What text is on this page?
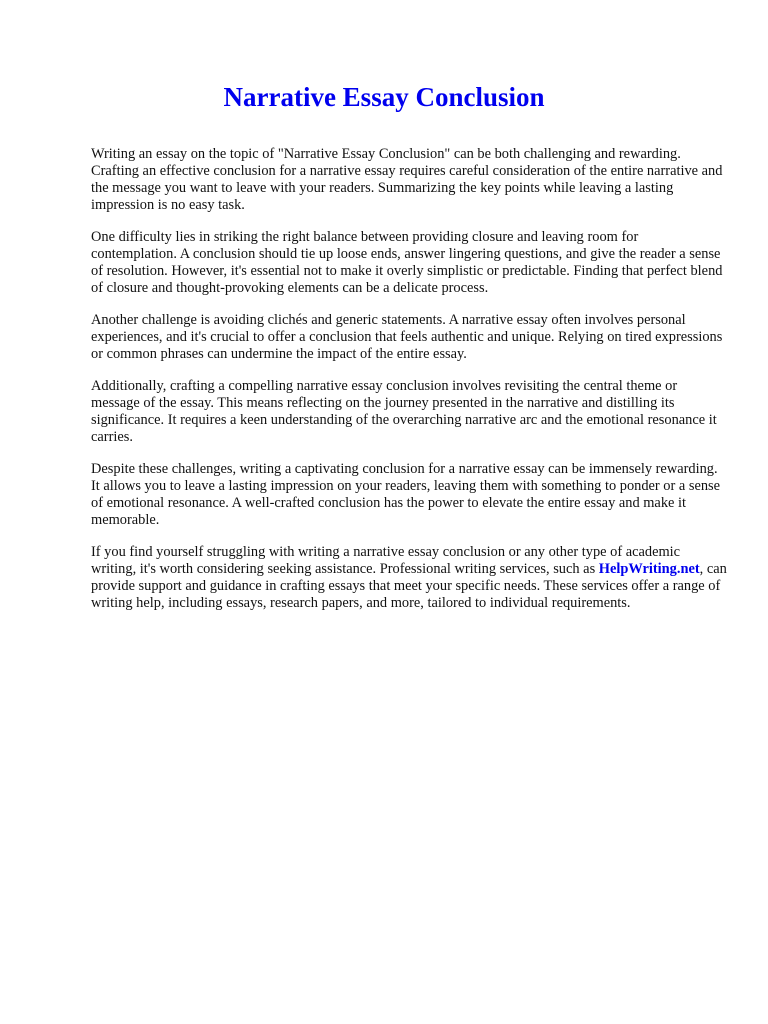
Narrative Essay Conclusion

Writing an essay on the topic of "Narrative Essay Conclusion" can be both challenging and rewarding. Crafting an effective conclusion for a narrative essay requires careful consideration of the entire narrative and the message you want to leave with your readers. Summarizing the key points while leaving a lasting impression is no easy task.

One difficulty lies in striking the right balance between providing closure and leaving room for contemplation. A conclusion should tie up loose ends, answer lingering questions, and give the reader a sense of resolution. However, it's essential not to make it overly simplistic or predictable. Finding that perfect blend of closure and thought-provoking elements can be a delicate process.

Another challenge is avoiding clichés and generic statements. A narrative essay often involves personal experiences, and it's crucial to offer a conclusion that feels authentic and unique. Relying on tired expressions or common phrases can undermine the impact of the entire essay.

Additionally, crafting a compelling narrative essay conclusion involves revisiting the central theme or message of the essay. This means reflecting on the journey presented in the narrative and distilling its significance. It requires a keen understanding of the overarching narrative arc and the emotional resonance it carries.

Despite these challenges, writing a captivating conclusion for a narrative essay can be immensely rewarding. It allows you to leave a lasting impression on your readers, leaving them with something to ponder or a sense of emotional resonance. A well-crafted conclusion has the power to elevate the entire essay and make it memorable.

If you find yourself struggling with writing a narrative essay conclusion or any other type of academic writing, it's worth considering seeking assistance. Professional writing services, such as HelpWriting.net, can provide support and guidance in crafting essays that meet your specific needs. These services offer a range of writing help, including essays, research papers, and more, tailored to individual requirements.
